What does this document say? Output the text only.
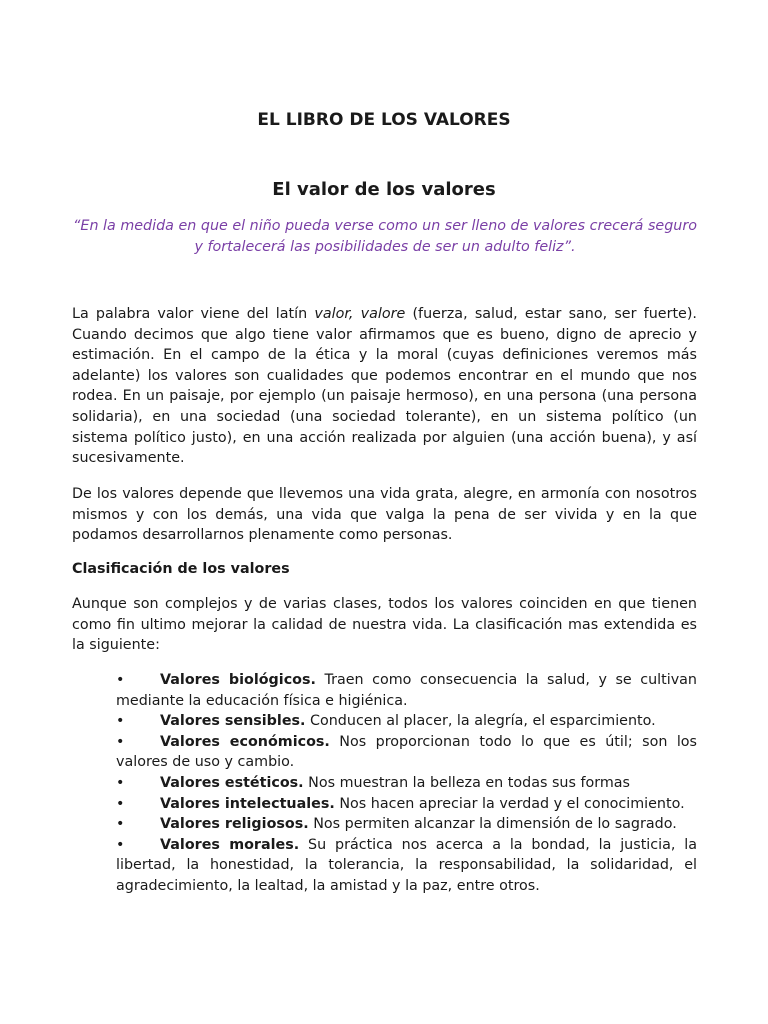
EL LIBRO DE LOS VALORES
El valor de los valores
“En la medida en que el niño pueda verse como un ser lleno de valores crecerá seguro y fortalecerá las posibilidades de ser un adulto feliz”.

La palabra valor viene del latín valor, valore (fuerza, salud, estar sano, ser fuerte). Cuando decimos que algo tiene valor afirmamos que es bueno, digno de aprecio y estimación. En el campo de la ética y la moral (cuyas definiciones veremos más adelante) los valores son cualidades que podemos encontrar en el mundo que nos rodea. En un paisaje, por ejemplo (un paisaje hermoso), en una persona (una persona solidaria), en una sociedad (una sociedad tolerante), en un sistema político (un sistema político justo), en una acción realizada por alguien (una acción buena), y así sucesivamente.

De los valores depende que llevemos una vida grata, alegre, en armonía con nosotros mismos y con los demás, una vida que valga la pena de ser vivida y en la que podamos desarrollarnos plenamente como personas.

Clasificación de los valores

Aunque son complejos y de varias clases, todos los valores coinciden en que tienen como fin ultimo mejorar la calidad de nuestra vida. La clasificación mas extendida es la siguiente:

• Valores biológicos. Traen como consecuencia la salud, y se cultivan mediante la educación física e higiénica.
• Valores sensibles. Conducen al placer, la alegría, el esparcimiento.
• Valores económicos. Nos proporcionan todo lo que es útil; son los valores de uso y cambio.
• Valores estéticos. Nos muestran la belleza en todas sus formas
• Valores intelectuales. Nos hacen apreciar la verdad y el conocimiento.
• Valores religiosos. Nos permiten alcanzar la dimensión de lo sagrado.
• Valores morales. Su práctica nos acerca a la bondad, la justicia, la libertad, la honestidad, la tolerancia, la responsabilidad, la solidaridad, el agradecimiento, la lealtad, la amistad y la paz, entre otros.
